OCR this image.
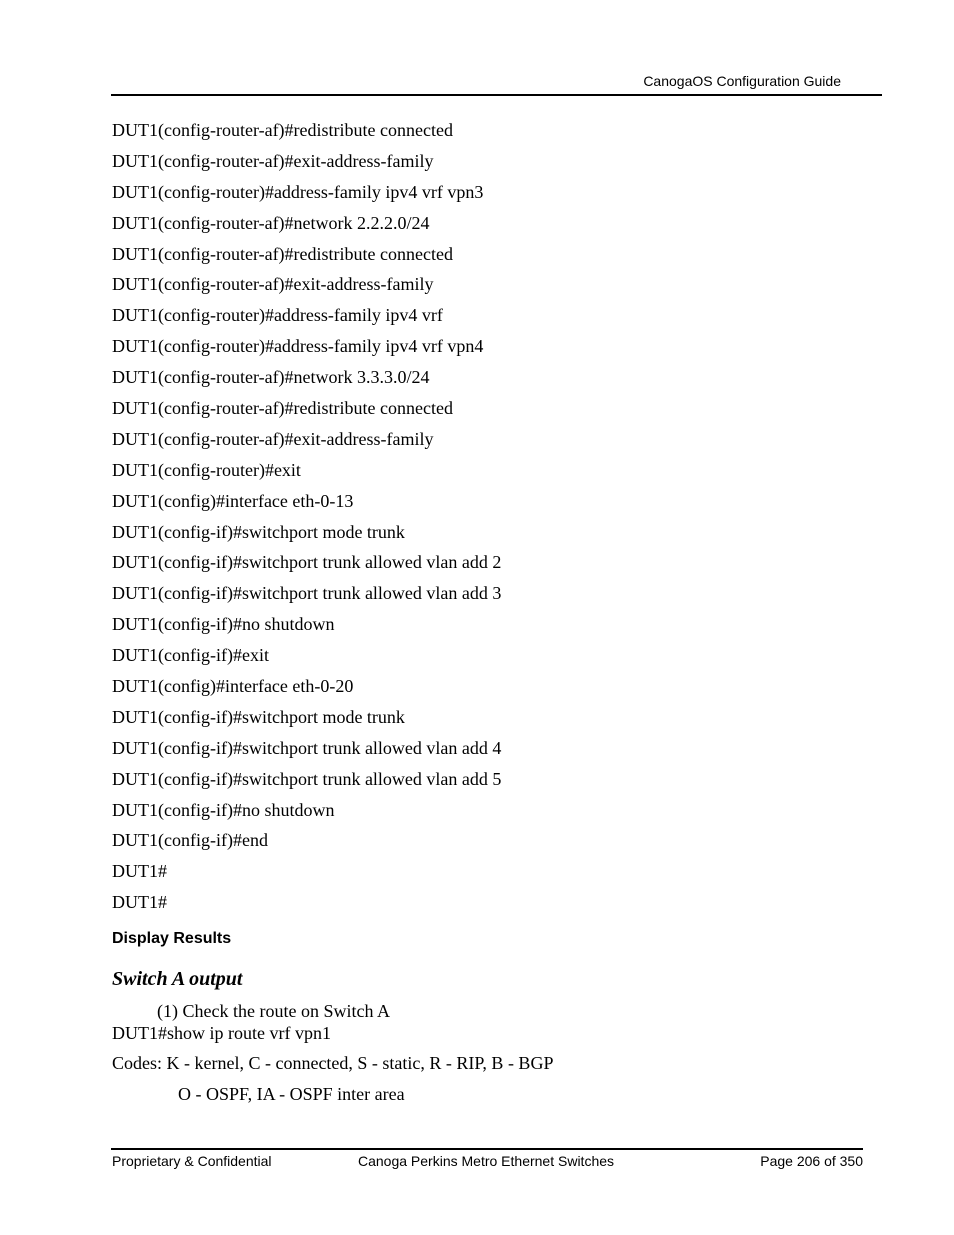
CanogaOS Configuration Guide
DUT1(config-router-af)#redistribute connected
DUT1(config-router-af)#exit-address-family
DUT1(config-router)#address-family ipv4 vrf vpn3
DUT1(config-router-af)#network 2.2.2.0/24
DUT1(config-router-af)#redistribute connected
DUT1(config-router-af)#exit-address-family
DUT1(config-router)#address-family ipv4 vrf
DUT1(config-router)#address-family ipv4 vrf vpn4
DUT1(config-router-af)#network 3.3.3.0/24
DUT1(config-router-af)#redistribute connected
DUT1(config-router-af)#exit-address-family
DUT1(config-router)#exit
DUT1(config)#interface eth-0-13
DUT1(config-if)#switchport mode trunk
DUT1(config-if)#switchport trunk allowed vlan add 2
DUT1(config-if)#switchport trunk allowed vlan add 3
DUT1(config-if)#no shutdown
DUT1(config-if)#exit
DUT1(config)#interface eth-0-20
DUT1(config-if)#switchport mode trunk
DUT1(config-if)#switchport trunk allowed vlan add 4
DUT1(config-if)#switchport trunk allowed vlan add 5
DUT1(config-if)#no shutdown
DUT1(config-if)#end
DUT1#
DUT1#
Display Results
Switch A output
(1) Check the route on Switch A
DUT1#show ip route vrf vpn1
Codes: K - kernel, C - connected, S - static, R - RIP, B - BGP
O - OSPF, IA - OSPF inter area
Proprietary & Confidential	Canoga Perkins Metro Ethernet Switches	Page 206 of 350
